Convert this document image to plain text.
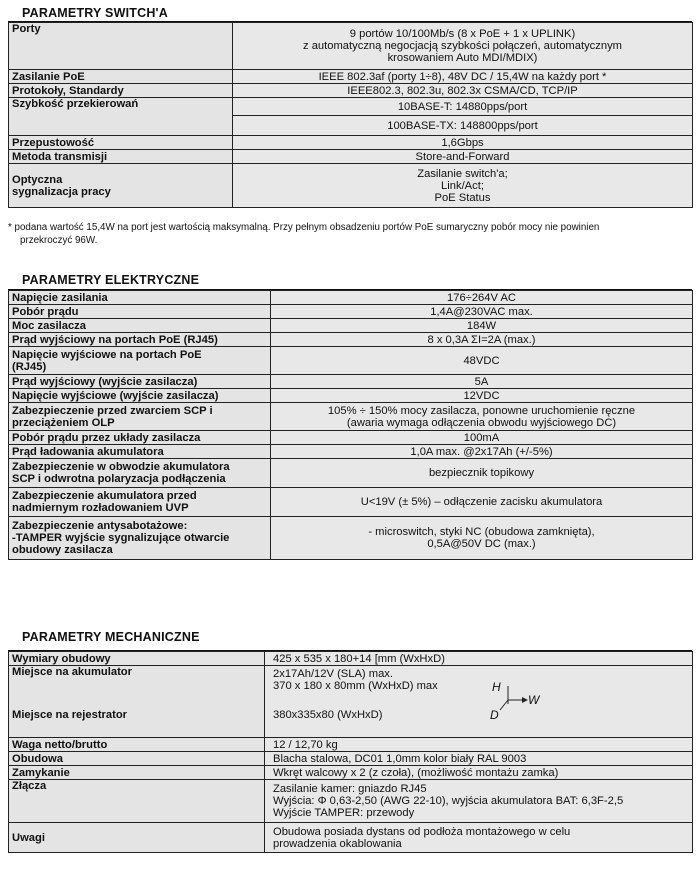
PARAMETRY SWITCH'A
Porty	9 portów 10/100Mb/s (8 x PoE + 1 x UPLINK)
z automatyczną negocjacją szybkości połączeń, automatycznym
krosowaniem Auto MDI/MDIX)
Zasilanie PoE	IEEE 802.3af (porty 1÷8), 48V DC / 15,4W na każdy port *
Protokoły, Standardy	IEEE802.3, 802.3u, 802.3x CSMA/CD, TCP/IP
Szybkość przekierowań	10BASE-T: 14880pps/port
	100BASE-TX: 148800pps/port
Przepustowość	1,6Gbps
Metoda transmisji	Store-and-Forward
Optyczna
sygnalizacja pracy	Zasilanie switch'a;
Link/Act;
PoE Status
* podana wartość 15,4W na port jest wartością maksymalną. Przy pełnym obsadzeniu portów PoE sumaryczny pobór mocy nie powinien
przekroczyć 96W.
PARAMETRY ELEKTRYCZNE
Napięcie zasilania	176÷264V AC
Pobór prądu	1,4A@230VAC max.
Moc zasilacza	184W
Prąd wyjściowy na portach PoE (RJ45)	8 x 0,3A ΣI=2A (max.)
Napięcie wyjściowe na portach PoE
(RJ45)	48VDC
Prąd wyjściowy (wyjście zasilacza)	5A
Napięcie wyjściowe (wyjście zasilacza)	12VDC
Zabezpieczenie przed zwarciem SCP i
przeciążeniem OLP	105% ÷ 150% mocy zasilacza, ponowne uruchomienie ręczne
(awaria wymaga odłączenia obwodu wyjściowego DC)
Pobór prądu przez układy zasilacza	100mA
Prąd ładowania akumulatora	1,0A max. @2x17Ah (+/-5%)
Zabezpieczenie w obwodzie akumulatora
SCP i odwrotna polaryzacja podłączenia	bezpiecznik topikowy
Zabezpieczenie akumulatora przed
nadmiernym rozładowaniem UVP	U<19V (± 5%) – odłączenie zacisku akumulatora
Zabezpieczenie antysabotażowe:
-TAMPER wyjście sygnalizujące otwarcie
obudowy zasilacza	- microswitch, styki NC (obudowa zamknięta),
0,5A@50V DC (max.)
PARAMETRY MECHANICZNE
Wymiary obudowy	425 x 535 x 180+14 [mm (WxHxD)
Miejsce na akumulator	2x17Ah/12V (SLA) max.
370 x 180 x 80mm (WxHxD) max
Miejsce na rejestrator	380x335x80 (WxHxD)
Waga netto/brutto	12 / 12,70 kg
Obudowa	Blacha stalowa, DC01 1,0mm kolor biały RAL 9003
Zamykanie	Wkręt walcowy x 2 (z czoła), (możliwość montażu zamka)
Złącza	Zasilanie kamer: gniazdo RJ45
Wyjścia: Φ 0,63-2,50 (AWG 22-10), wyjścia akumulatora BAT: 6,3F-2,5
Wyjście TAMPER: przewody
Uwagi	Obudowa posiada dystans od podłoża montażowego w celu
prowadzenia okablowania
H
W
D
